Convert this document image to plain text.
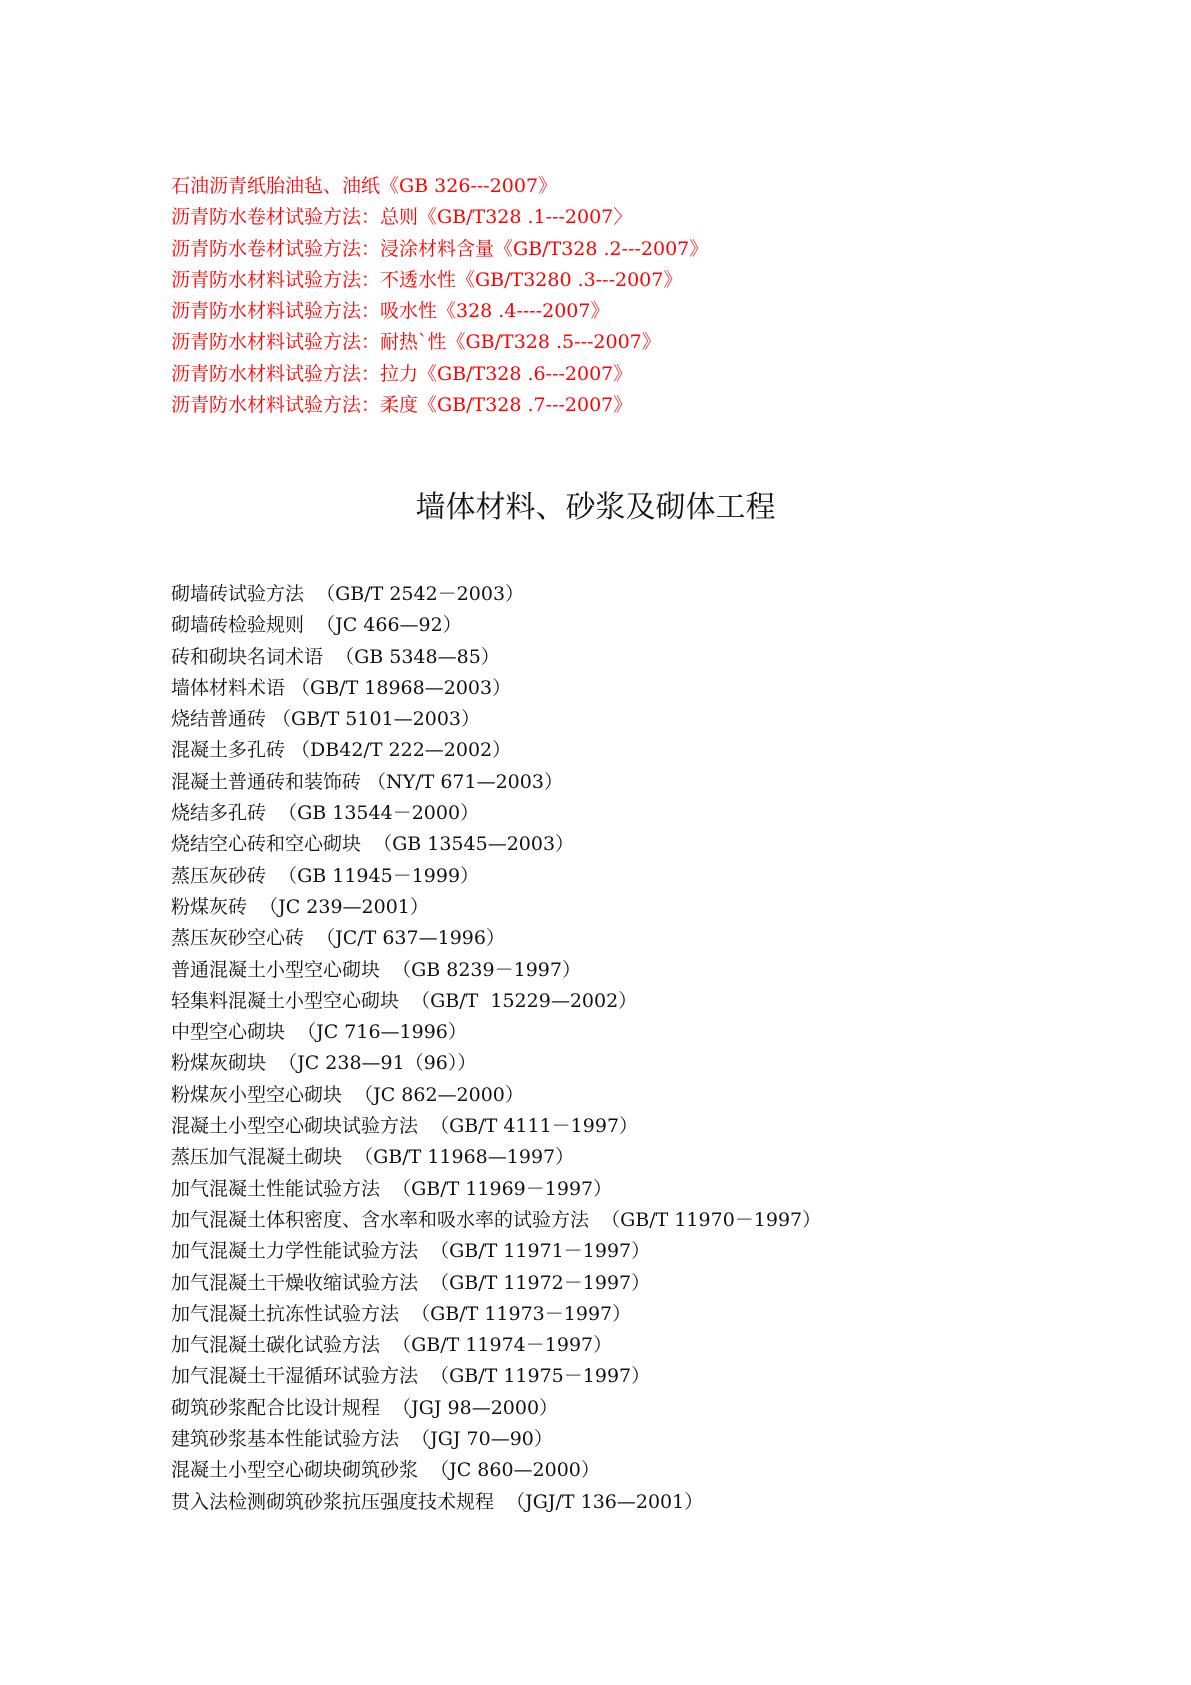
石油沥青纸胎油毡、油纸《GB 326---2007》
沥青防水卷材试验方法：总则《GB/T328 .1---2007〉
沥青防水卷材试验方法：浸涂材料含量《GB/T328 .2---2007》
沥青防水材料试验方法：不透水性《GB/T3280 .3---2007》
沥青防水材料试验方法：吸水性《328 .4----2007》
沥青防水材料试验方法：耐热`性《GB/T328 .5---2007》
沥青防水材料试验方法：拉力《GB/T328 .6---2007》
沥青防水材料试验方法：柔度《GB/T328 .7---2007》
墙体材料、砂浆及砌体工程
砌墙砖试验方法  （GB/T 2542－2003）
砌墙砖检验规则  （JC 466—92）
砖和砌块名词术语  （GB 5348—85）
墙体材料术语 （GB/T 18968—2003）
烧结普通砖 （GB/T 5101—2003）
混凝土多孔砖 （DB42/T 222—2002）
混凝土普通砖和装饰砖 （NY/T 671—2003）
烧结多孔砖  （GB 13544－2000）
烧结空心砖和空心砌块  （GB 13545—2003）
蒸压灰砂砖  （GB 11945－1999）
粉煤灰砖  （JC 239—2001）
蒸压灰砂空心砖  （JC/T 637—1996）
普通混凝土小型空心砌块  （GB 8239－1997）
轻集料混凝土小型空心砌块  （GB/T  15229—2002）
中型空心砌块  （JC 716—1996）
粉煤灰砌块  （JC 238—91（96））
粉煤灰小型空心砌块  （JC 862—2000）
混凝土小型空心砌块试验方法  （GB/T 4111－1997）
蒸压加气混凝土砌块  （GB/T 11968—1997）
加气混凝土性能试验方法  （GB/T 11969－1997）
加气混凝土体积密度、含水率和吸水率的试验方法  （GB/T 11970－1997）
加气混凝土力学性能试验方法  （GB/T 11971－1997）
加气混凝土干燥收缩试验方法  （GB/T 11972－1997）
加气混凝土抗冻性试验方法  （GB/T 11973－1997）
加气混凝土碳化试验方法  （GB/T 11974－1997）
加气混凝土干湿循环试验方法  （GB/T 11975－1997）
砌筑砂浆配合比设计规程  （JGJ 98—2000）
建筑砂浆基本性能试验方法  （JGJ 70—90）
混凝土小型空心砌块砌筑砂浆  （JC 860—2000）
贯入法检测砌筑砂浆抗压强度技术规程  （JGJ/T 136—2001）
